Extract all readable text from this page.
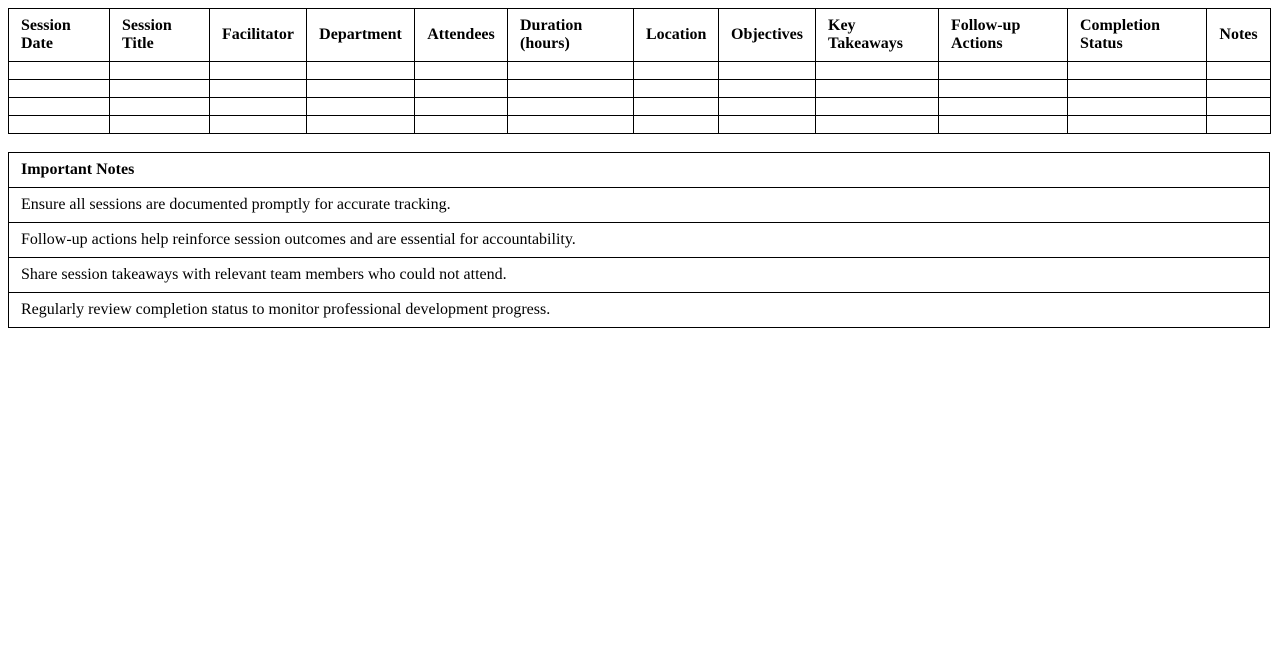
Session Date	Session Title	Facilitator	Department	Attendees	Duration (hours)	Location	Objectives	Key Takeaways	Follow-up Actions	Completion Status	Notes

Important Notes
Ensure all sessions are documented promptly for accurate tracking.
Follow-up actions help reinforce session outcomes and are essential for accountability.
Share session takeaways with relevant team members who could not attend.
Regularly review completion status to monitor professional development progress.
